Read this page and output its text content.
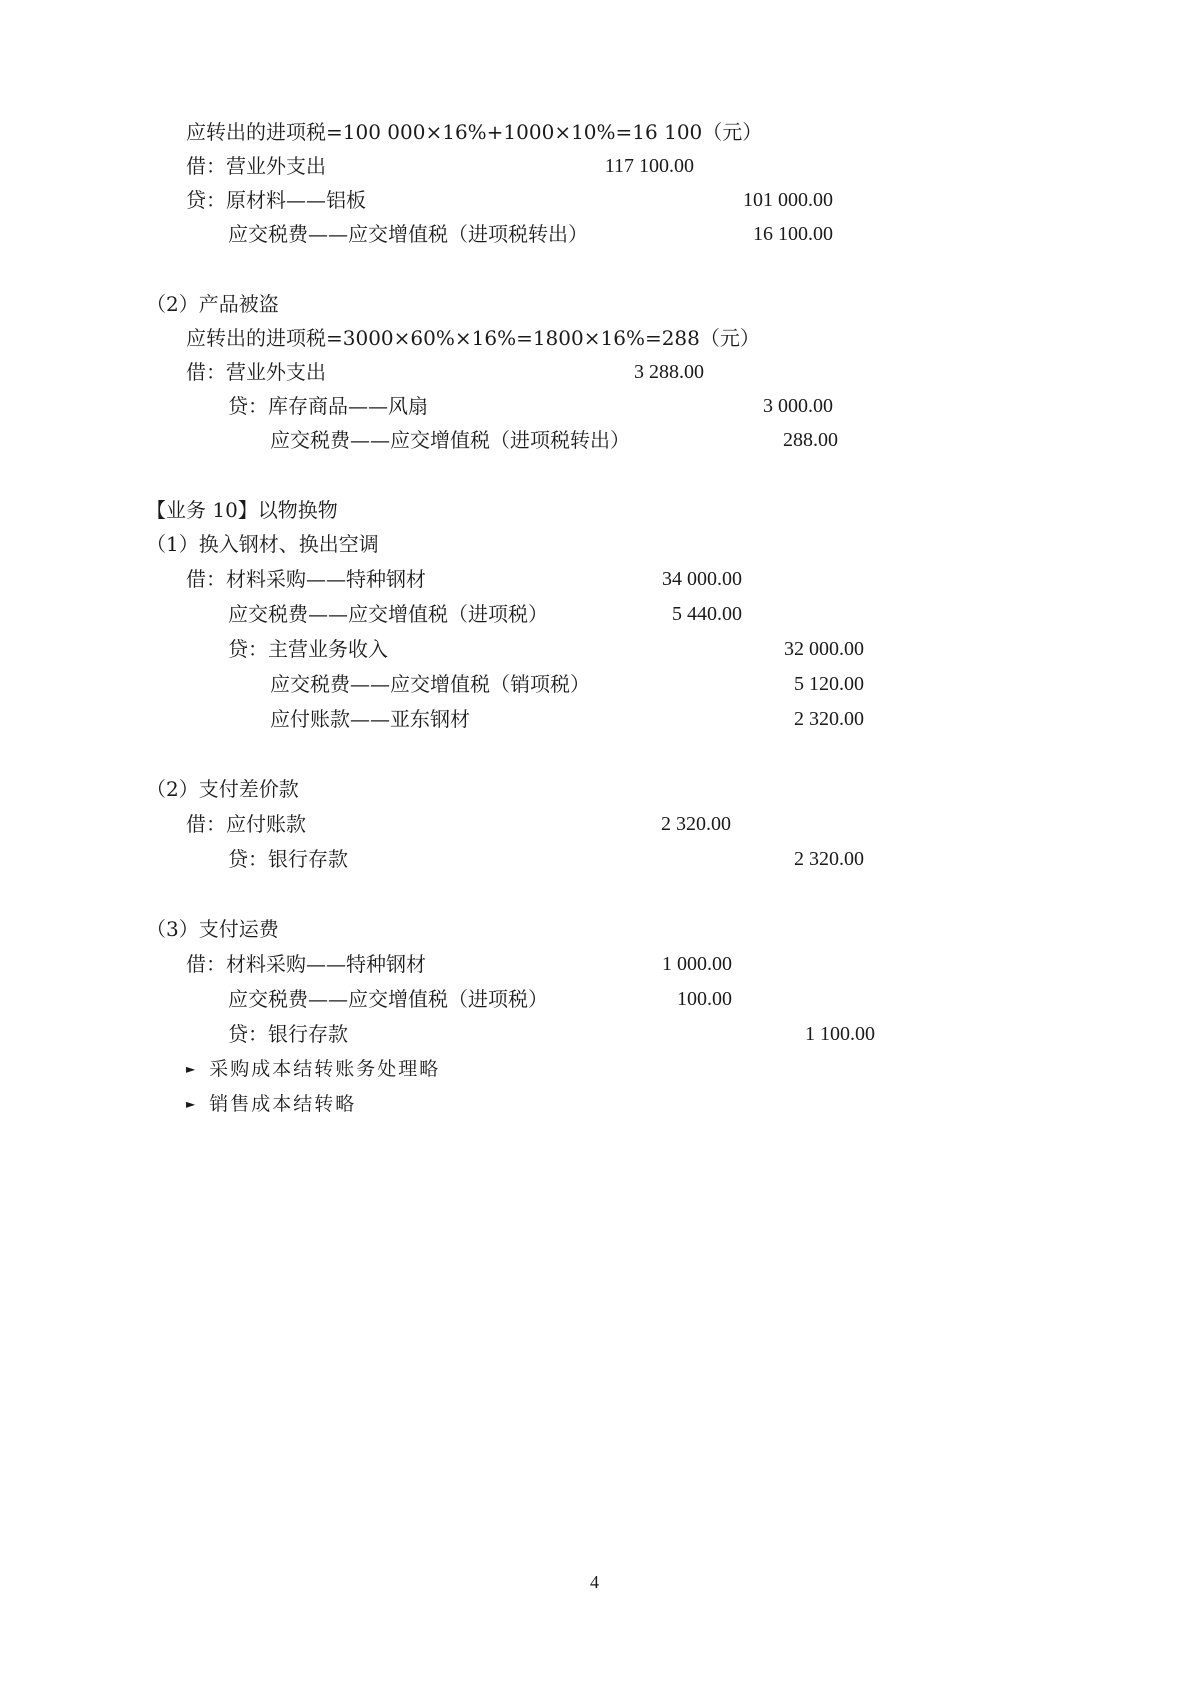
应转出的进项税=100 000×16%+1000×10%=16 100（元）
借：营业外支出	117 100.00
贷：原材料——铝板	101 000.00
应交税费——应交增值税（进项税转出）	16 100.00
（2）产品被盗
应转出的进项税=3000×60%×16%=1800×16%=288（元）
借：营业外支出	3 288.00
贷：库存商品——风扇	3 000.00
应交税费——应交增值税（进项税转出）	288.00
【业务 10】以物换物
（1）换入钢材、换出空调
借：材料采购——特种钢材	34 000.00
应交税费——应交增值税（进项税）	5 440.00
贷：主营业务收入	32 000.00
应交税费——应交增值税（销项税）	5 120.00
应付账款——亚东钢材	2 320.00
（2）支付差价款
借：应付账款	2 320.00
贷：银行存款	2 320.00
（3）支付运费
借：材料采购——特种钢材	1 000.00
应交税费——应交增值税（进项税）	100.00
贷：银行存款	1 100.00
► 采购成本结转账务处理略
► 销售成本结转略
4
